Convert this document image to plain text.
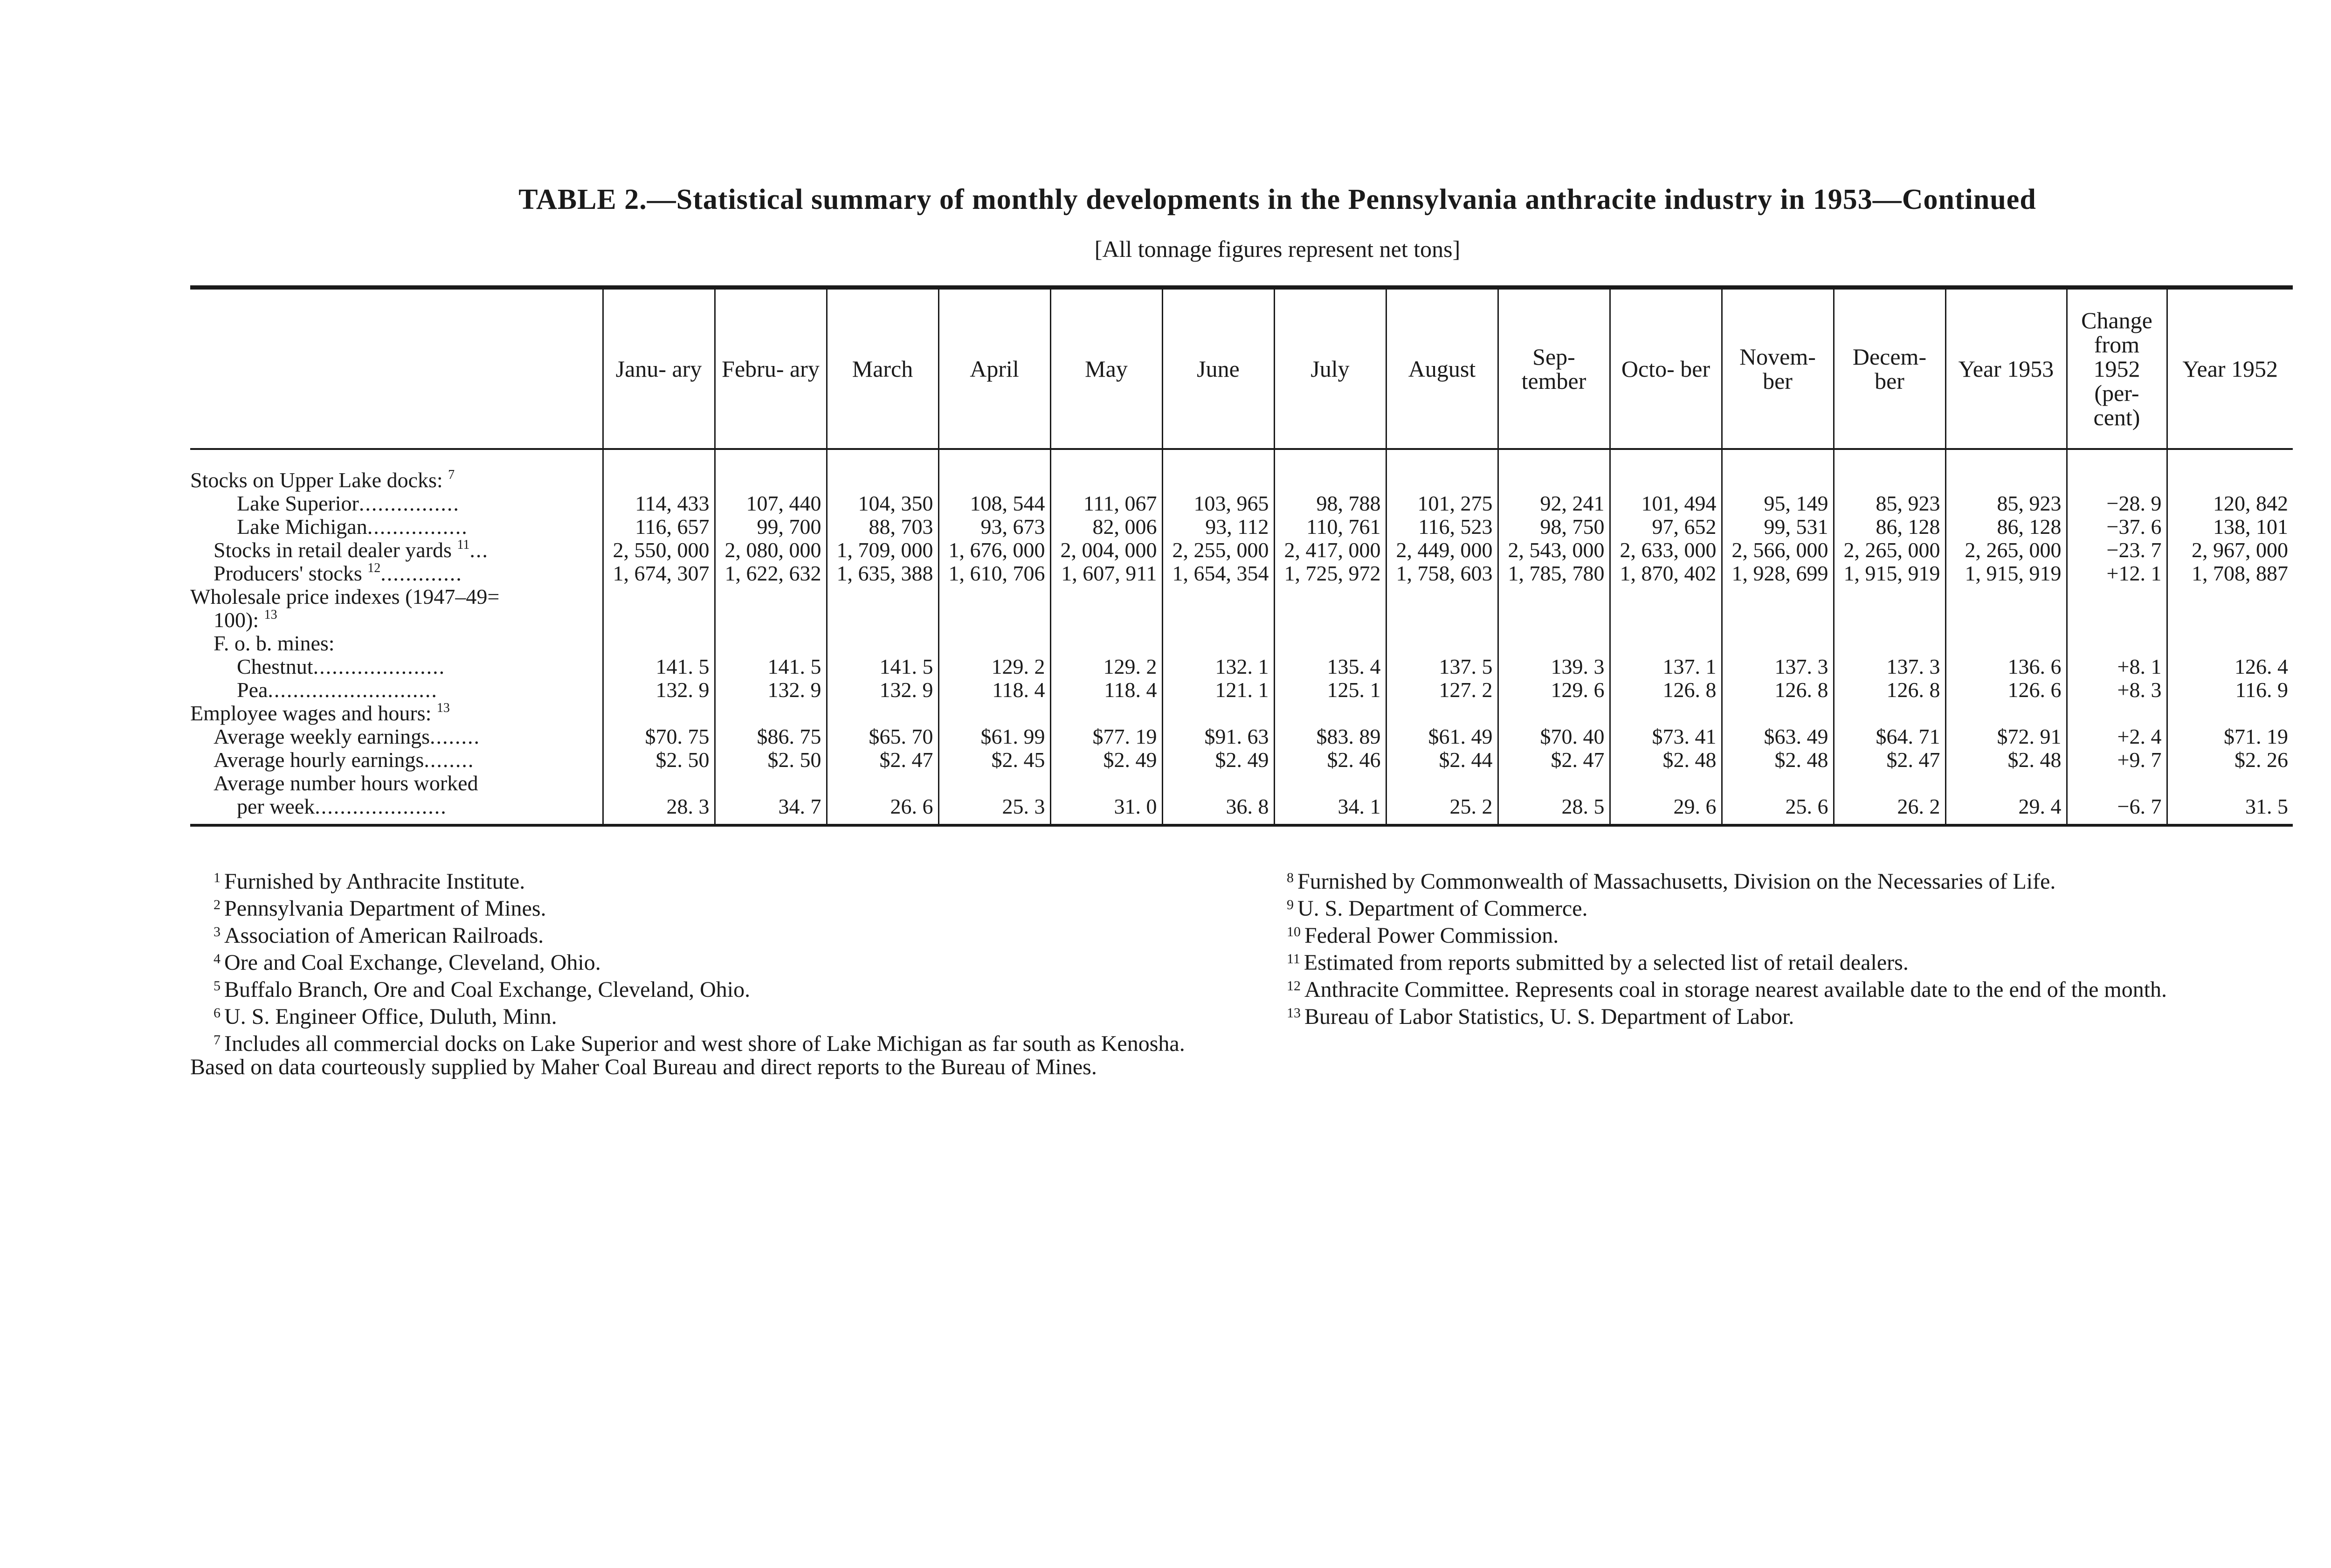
TABLE 2.—Statistical summary of monthly developments in the Pennsylvania anthracite industry in 1953—Continued
[All tonnage figures represent net tons]
	Janu- ary	Febru- ary	March	April	May	June	July	August	Sep- tember	Octo- ber	Novem- ber	Decem- ber	Year 1953	Change from 1952 (per- cent)	Year 1952

Stocks on Upper Lake docks: $^7$															
Lake Superior................	114, 433	107, 440	104, 350	108, 544	111, 067	103, 965	98, 788	101, 275	92, 241	101, 494	95, 149	85, 923	85, 923	−28. 9	120, 842
Lake Michigan................	116, 657	99, 700	88, 703	93, 673	82, 006	93, 112	110, 761	116, 523	98, 750	97, 652	99, 531	86, 128	86, 128	−37. 6	138, 101
Stocks in retail dealer yards $^{11}$...	2, 550, 000	2, 080, 000	1, 709, 000	1, 676, 000	2, 004, 000	2, 255, 000	2, 417, 000	2, 449, 000	2, 543, 000	2, 633, 000	2, 566, 000	2, 265, 000	2, 265, 000	−23. 7	2, 967, 000
Producers' stocks $^{12}$.............	1, 674, 307	1, 622, 632	1, 635, 388	1, 610, 706	1, 607, 911	1, 654, 354	1, 725, 972	1, 758, 603	1, 785, 780	1, 870, 402	1, 928, 699	1, 915, 919	1, 915, 919	+12. 1	1, 708, 887
Wholesale price indexes (1947–49=															
100): $^{13}$															
F. o. b. mines:															
Chestnut.....................	141. 5	141. 5	141. 5	129. 2	129. 2	132. 1	135. 4	137. 5	139. 3	137. 1	137. 3	137. 3	136. 6	+8. 1	126. 4
Pea...........................	132. 9	132. 9	132. 9	118. 4	118. 4	121. 1	125. 1	127. 2	129. 6	126. 8	126. 8	126. 8	126. 6	+8. 3	116. 9
Employee wages and hours: $^{13}$															
Average weekly earnings........	$70. 75	$86. 75	$65. 70	$61. 99	$77. 19	$91. 63	$83. 89	$61. 49	$70. 40	$73. 41	$63. 49	$64. 71	$72. 91	+2. 4	$71. 19
Average hourly earnings........	$2. 50	$2. 50	$2. 47	$2. 45	$2. 49	$2. 49	$2. 46	$2. 44	$2. 47	$2. 48	$2. 48	$2. 47	$2. 48	+9. 7	$2. 26
Average number hours worked															
per week.....................	28. 3	34. 7	26. 6	25. 3	31. 0	36. 8	34. 1	25. 2	28. 5	29. 6	25. 6	26. 2	29. 4	−6. 7	31. 5

$^1$ Furnished by Anthracite Institute.

$^2$ Pennsylvania Department of Mines.

$^3$ Association of American Railroads.

$^4$ Ore and Coal Exchange, Cleveland, Ohio.

$^5$ Buffalo Branch, Ore and Coal Exchange, Cleveland, Ohio.

$^6$ U. S. Engineer Office, Duluth, Minn.

$^7$ Includes all commercial docks on Lake Superior and west shore of Lake Michigan as far south as Kenosha. Based on data courteously supplied by Maher Coal Bureau and direct reports to the Bureau of Mines.

$^8$ Furnished by Commonwealth of Massachusetts, Division on the Necessaries of Life.

$^9$ U. S. Department of Commerce.

$^{10}$ Federal Power Commission.

$^{11}$ Estimated from reports submitted by a selected list of retail dealers.

$^{12}$ Anthracite Committee. Represents coal in storage nearest available date to the end of the month.

$^{13}$ Bureau of Labor Statistics, U. S. Department of Labor.
